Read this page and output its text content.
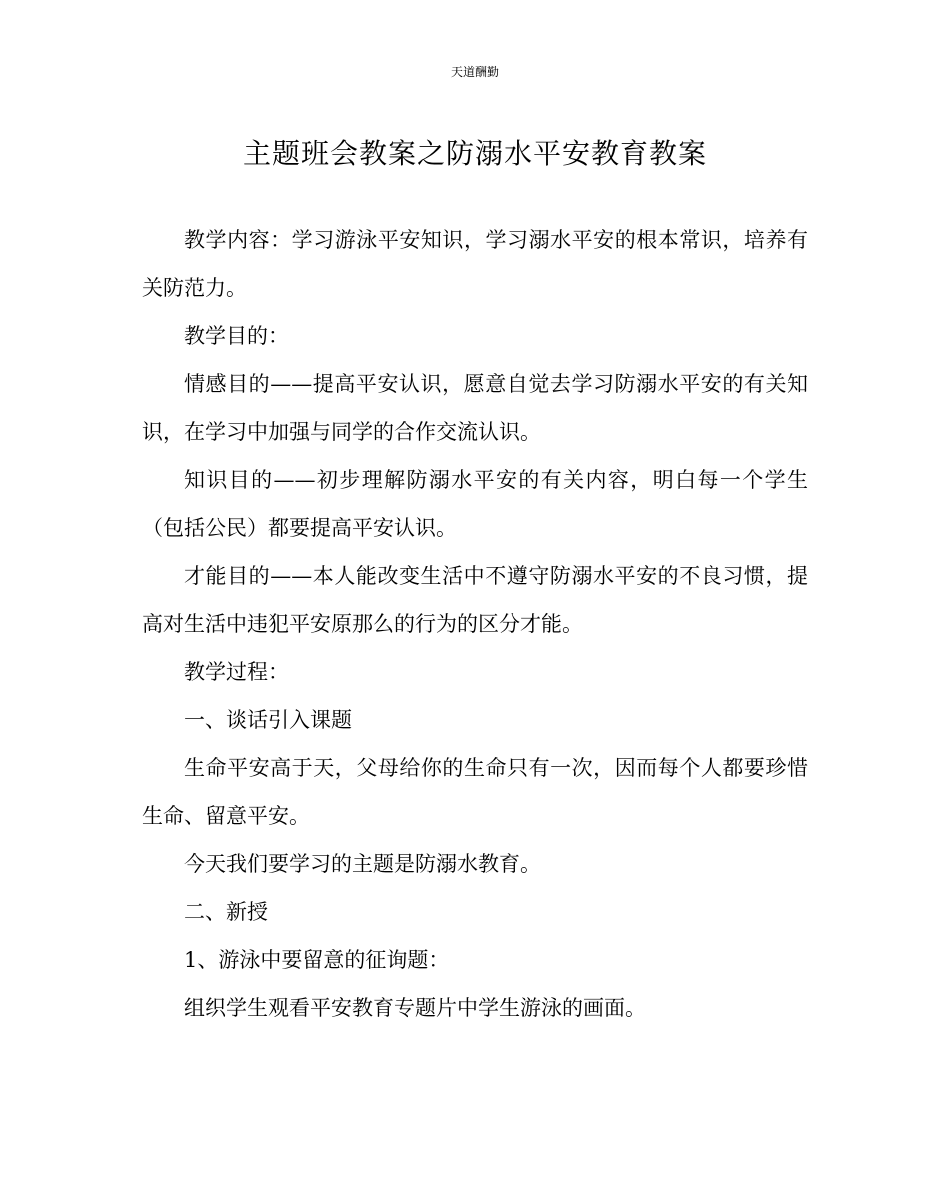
天道酬勤
主题班会教案之防溺水平安教育教案

教学内容：学习游泳平安知识，学习溺水平安的根本常识，培养有关防范力。

教学目的：

情感目的——提高平安认识，愿意自觉去学习防溺水平安的有关知识，在学习中加强与同学的合作交流认识。

知识目的——初步理解防溺水平安的有关内容，明白每一个学生（包括公民）都要提高平安认识。

才能目的——本人能改变生活中不遵守防溺水平安的不良习惯，提高对生活中违犯平安原那么的行为的区分才能。

教学过程：

一、谈话引入课题

生命平安高于天，父母给你的生命只有一次，因而每个人都要珍惜生命、留意平安。

今天我们要学习的主题是防溺水教育。

二、新授

1、游泳中要留意的征询题：

组织学生观看平安教育专题片中学生游泳的画面。
